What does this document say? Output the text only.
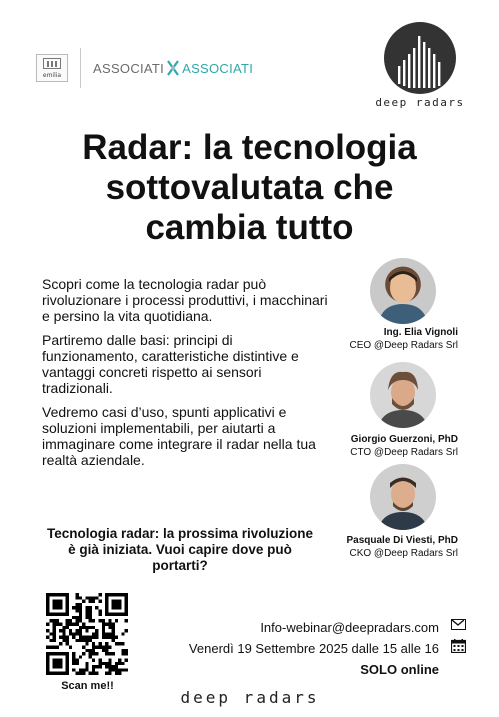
emilia	ASSOCIATI ASSOCIATI
deep radars
Radar: la tecnologia
sottovalutata che
cambia tutto

Scopri come la tecnologia radar può rivoluzionare i processi produttivi, i macchinari e persino la vita quotidiana.

Partiremo dalle basi: principi di funzionamento, caratteristiche distintive e vantaggi concreti rispetto ai sensori tradizionali.

Vedremo casi d’uso, spunti applicativi e soluzioni implementabili, per aiutarti a immaginare come integrare il radar nella tua realtà aziendale.

Tecnologia radar: la prossima rivoluzione è già iniziata. Vuoi capire dove può portarti?
Ing. Elia Vignoli
CEO @Deep Radars Srl
Giorgio Guerzoni, PhD
CTO @Deep Radars Srl
Pasquale Di Viesti, PhD
CKO @Deep Radars Srl
Scan me!!
Info-webinar@deepradars.com
Venerdì 19 Settembre 2025 dalle 15 alle 16
SOLO online
deep radars
